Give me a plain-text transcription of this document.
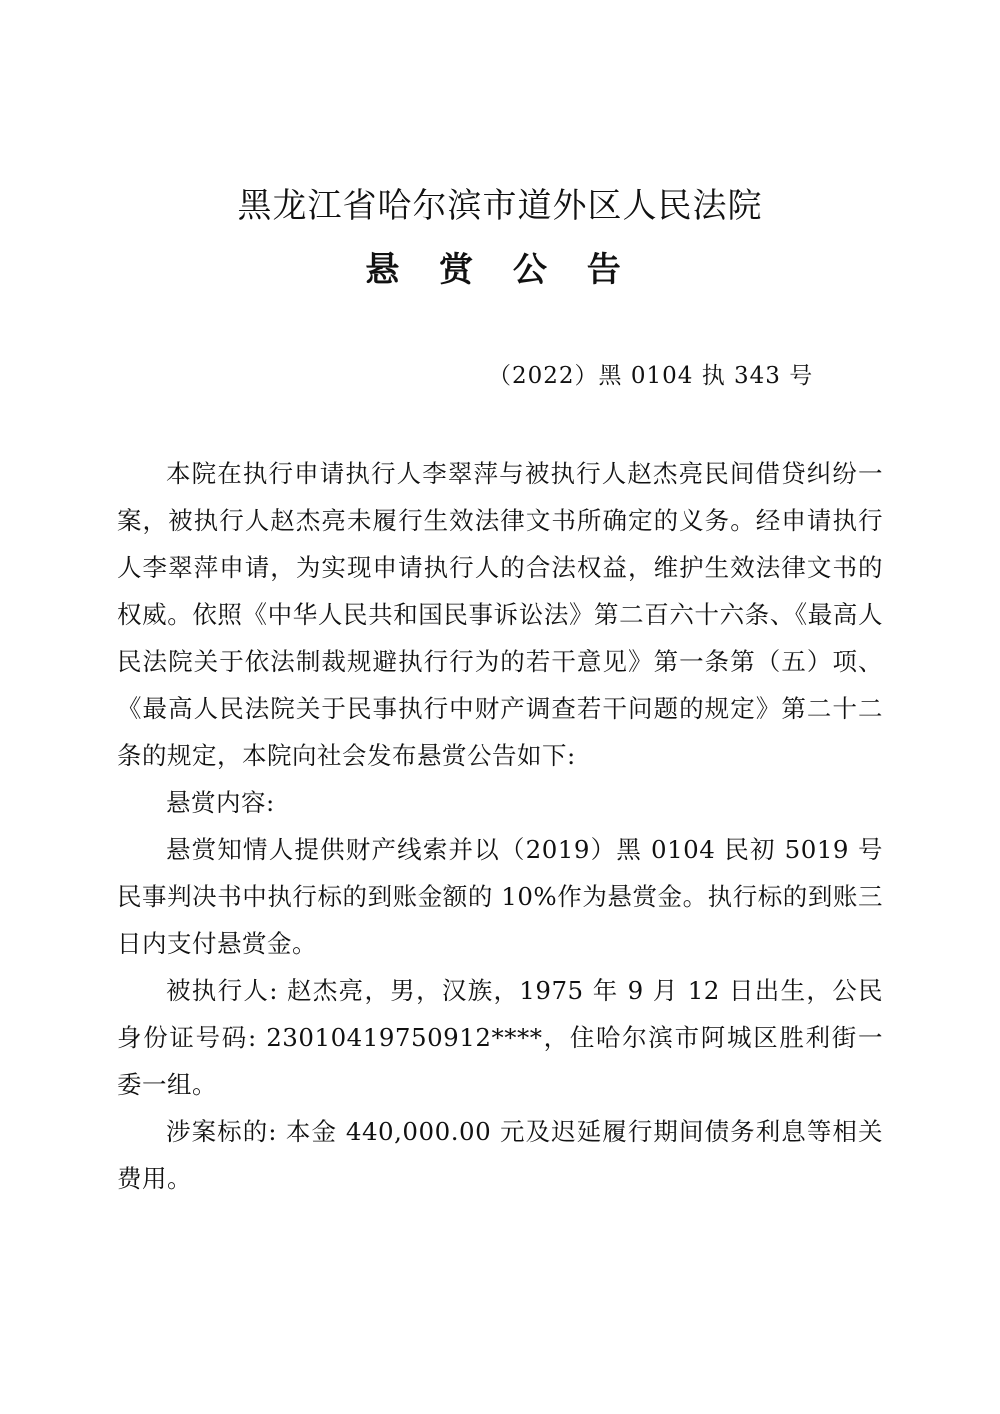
黑龙江省哈尔滨市道外区人民法院
悬 赏 公 告
（2022）黑 0104 执 343 号

本院在执行申请执行人李翠萍与被执行人赵杰亮民间借贷纠纷一案，被执行人赵杰亮未履行生效法律文书所确定的义务。经申请执行人李翠萍申请，为实现申请执行人的合法权益，维护生效法律文书的权威。依照《中华人民共和国民事诉讼法》第二百六十六条、《最高人民法院关于依法制裁规避执行行为的若干意见》第一条第（五）项、《最高人民法院关于民事执行中财产调查若干问题的规定》第二十二条的规定，本院向社会发布悬赏公告如下:

悬赏内容:

悬赏知情人提供财产线索并以（2019）黑 0104 民初 5019 号民事判决书中执行标的到账金额的 10%作为悬赏金。执行标的到账三日内支付悬赏金。

被执行人: 赵杰亮，男，汉族，1975 年 9 月 12 日出生，公民身份证号码: 23010419750912****，住哈尔滨市阿城区胜利街一委一组。

涉案标的: 本金 440,000.00 元及迟延履行期间债务利息等相关费用。
